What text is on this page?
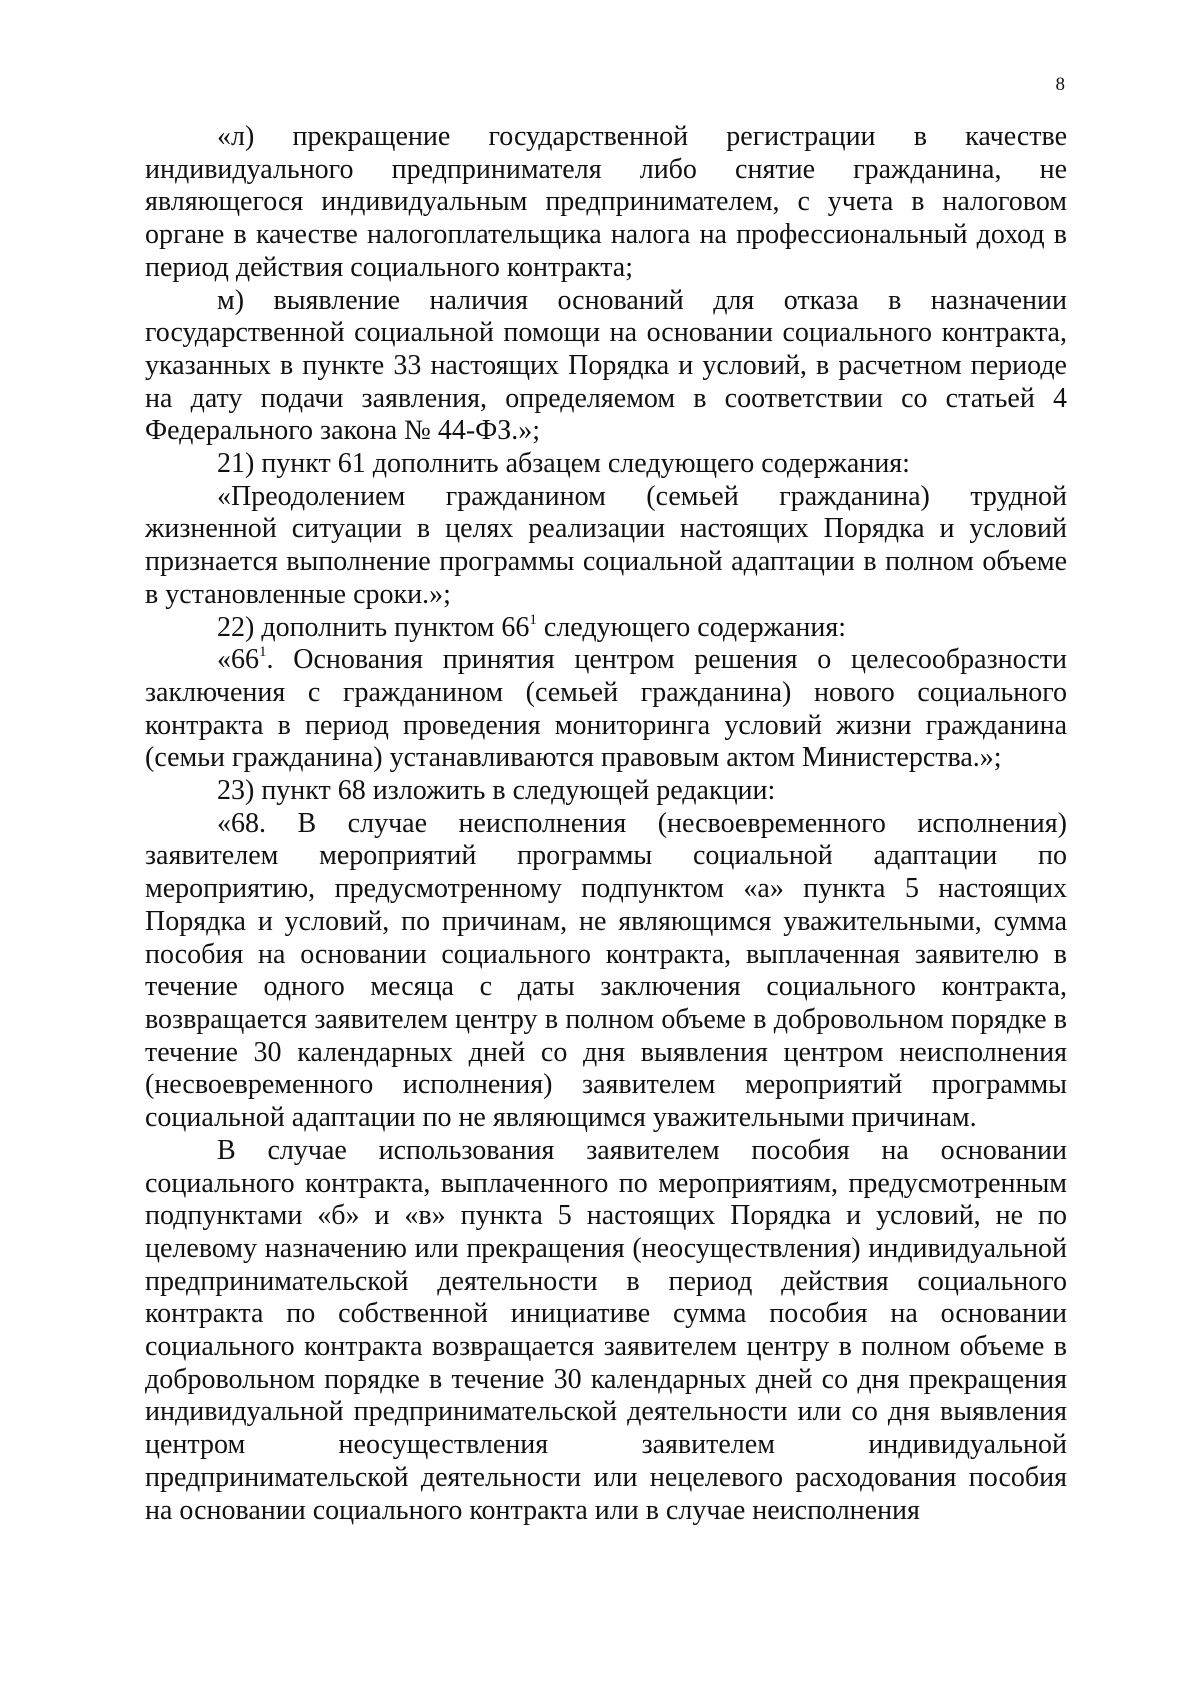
8

«л) прекращение государственной регистрации в качестве индивидуального предпринимателя либо снятие гражданина, не являющегося индивидуальным предпринимателем, с учета в налоговом органе в качестве налогоплательщика налога на профессиональный доход в период действия социального контракта;

м) выявление наличия оснований для отказа в назначении государственной социальной помощи на основании социального контракта, указанных в пункте 33 настоящих Порядка и условий, в расчетном периоде на дату подачи заявления, определяемом в соответствии со статьей 4 Федерального закона № 44-ФЗ.»;

21) пункт 61 дополнить абзацем следующего содержания:

«Преодолением гражданином (семьей гражданина) трудной жизненной ситуации в целях реализации настоящих Порядка и условий признается выполнение программы социальной адаптации в полном объеме в установленные сроки.»;

22) дополнить пунктом $66^1$ следующего содержания:

«$66^1$. Основания принятия центром решения о целесообразности заключения с гражданином (семьей гражданина) нового социального контракта в период проведения мониторинга условий жизни гражданина (семьи гражданина) устанавливаются правовым актом Министерства.»;

23) пункт 68 изложить в следующей редакции:

«68. В случае неисполнения (несвоевременного исполнения) заявителем мероприятий программы социальной адаптации по мероприятию, предусмотренному подпунктом «а» пункта 5 настоящих Порядка и условий, по причинам, не являющимся уважительными, сумма пособия на основании социального контракта, выплаченная заявителю в течение одного месяца с даты заключения социального контракта, возвращается заявителем центру в полном объеме в добровольном порядке в течение 30 календарных дней со дня выявления центром неисполнения (несвоевременного исполнения) заявителем мероприятий программы социальной адаптации по не являющимся уважительными причинам.

В случае использования заявителем пособия на основании социального контракта, выплаченного по мероприятиям, предусмотренным подпунктами «б» и «в» пункта 5 настоящих Порядка и условий, не по целевому назначению или прекращения (неосуществления) индивидуальной предпринимательской деятельности в период действия социального контракта по собственной инициативе сумма пособия на основании социального контракта возвращается заявителем центру в полном объеме в добровольном порядке в течение 30 календарных дней со дня прекращения индивидуальной предпринимательской деятельности или со дня выявления центром неосуществления заявителем индивидуальной предпринимательской деятельности или нецелевого расходования пособия на основании социального контракта или в случае неисполнения
